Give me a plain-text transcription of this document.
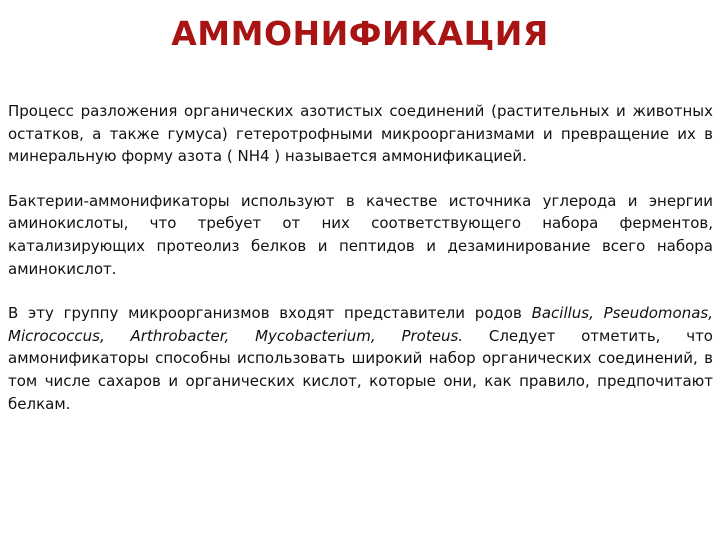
АММОНИФИКАЦИЯ

Процесс разложения органических азотистых соединений (растительных и животных остатков, а также гумуса) гетеротрофными микроорганизмами и превращение их в минеральную форму азота ( NH4 ) называется аммонификацией.

Бактерии-аммонификаторы используют в качестве источника углерода и энергии аминокислоты, что требует от них соответствующего набора ферментов, катализирующих протеолиз белков и пептидов и дезаминирование всего набора аминокислот.

В эту группу микроорганизмов входят представители родов Bacillus, Pseudomonas, Micrococcus, Arthrobacter, Mycobacterium, Proteus. Следует отметить, что аммонификаторы способны использовать широкий набор органических соединений, в том числе сахаров и органических кислот, которые они, как правило, предпочитают белкам.
